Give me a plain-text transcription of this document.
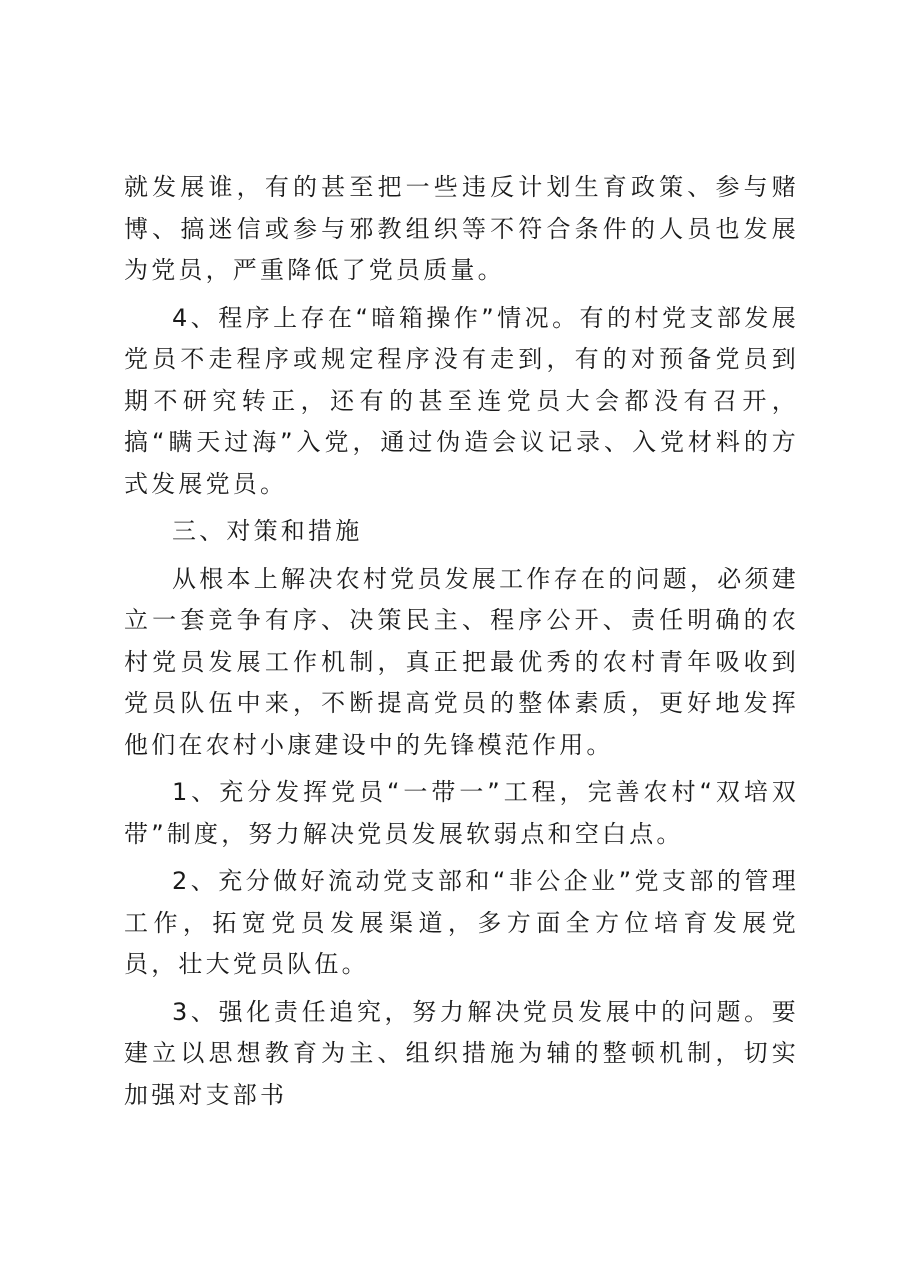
就发展谁，有的甚至把一些违反计划生育政策、参与赌博、搞迷信或参与邪教组织等不符合条件的人员也发展为党员，严重降低了党员质量。

4、程序上存在“暗箱操作”情况。有的村党支部发展党员不走程序或规定程序没有走到，有的对预备党员到期不研究转正，还有的甚至连党员大会都没有召开，搞“瞒天过海”入党，通过伪造会议记录、入党材料的方式发展党员。

三、对策和措施

从根本上解决农村党员发展工作存在的问题，必须建立一套竞争有序、决策民主、程序公开、责任明确的农村党员发展工作机制，真正把最优秀的农村青年吸收到党员队伍中来，不断提高党员的整体素质，更好地发挥他们在农村小康建设中的先锋模范作用。

1、充分发挥党员“一带一”工程，完善农村“双培双带”制度，努力解决党员发展软弱点和空白点。

2、充分做好流动党支部和“非公企业”党支部的管理工作，拓宽党员发展渠道，多方面全方位培育发展党员，壮大党员队伍。

3、强化责任追究，努力解决党员发展中的问题。要建立以思想教育为主、组织措施为辅的整顿机制，切实加强对支部书
